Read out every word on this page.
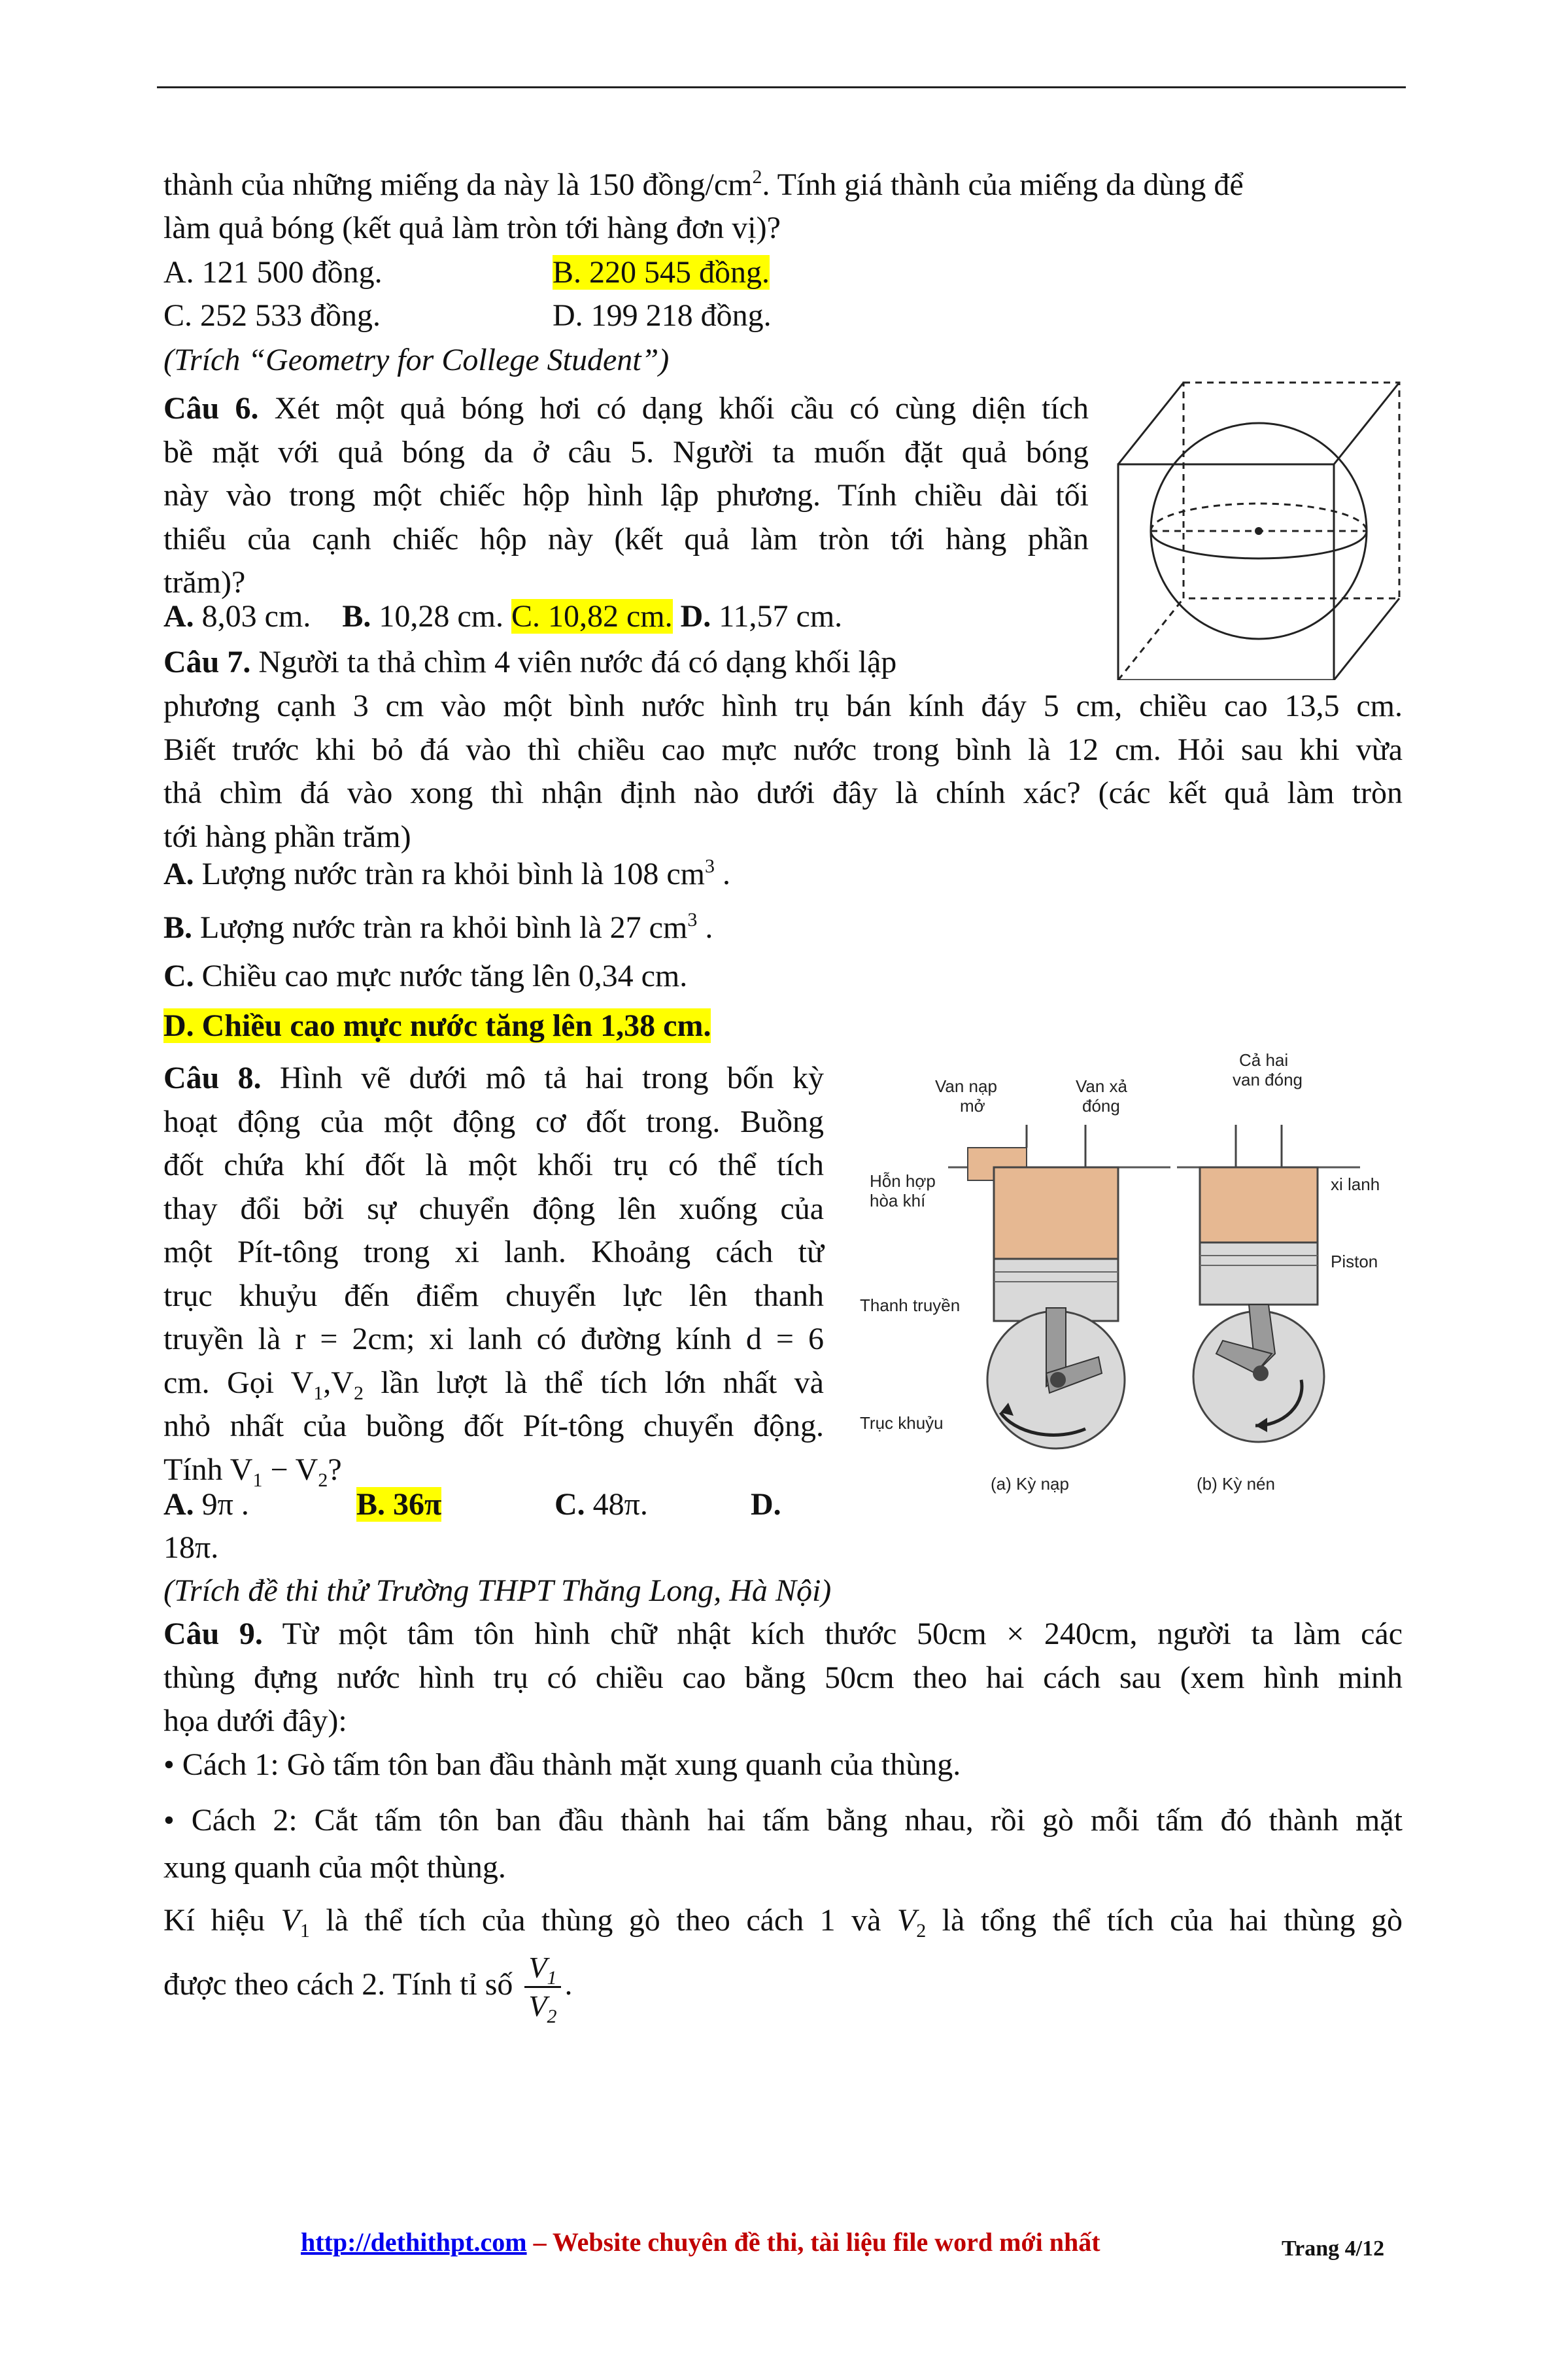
thành của những miếng da này là 150 đồng/$cm^2$. Tính giá thành của miếng da dùng để
làm quả bóng (kết quả làm tròn tới hàng đơn vị)?
A. 121 500 đồng.	B. 220 545 đồng.
C. 252 533 đồng.	D. 199 218 đồng.
(Trích “Geometry for College Student”)
Câu 6. Xét một quả bóng hơi có dạng khối cầu có cùng diện tích
bề mặt với quả bóng da ở câu 5. Người ta muốn đặt quả bóng
này vào trong một chiếc hộp hình lập phương. Tính chiều dài tối
thiểu của cạnh chiếc hộp này (kết quả làm tròn tới hàng phần
trăm)?
A. 8,03 cm. B. 10,28 cm. C. 10,82 cm. D. 11,57 cm.
Câu 7. Người ta thả chìm 4 viên nước đá có dạng khối lập
phương cạnh 3 cm vào một bình nước hình trụ bán kính đáy 5 cm, chiều cao 13,5 cm.
Biết trước khi bỏ đá vào thì chiều cao mực nước trong bình là 12 cm. Hỏi sau khi vừa
thả chìm đá vào xong thì nhận định nào dưới đây là chính xác? (các kết quả làm tròn
tới hàng phần trăm)
A. Lượng nước tràn ra khỏi bình là 108 $cm^3$ .
B. Lượng nước tràn ra khỏi bình là 27 $cm^3$ .
C. Chiều cao mực nước tăng lên 0,34 cm.
D. Chiều cao mực nước tăng lên 1,38 cm.
Câu 8. Hình vẽ dưới mô tả hai trong bốn kỳ
hoạt động của một động cơ đốt trong. Buồng
đốt chứa khí đốt là một khối trụ có thể tích
thay đổi bởi sự chuyển động lên xuống của
một Pít-tông trong xi lanh. Khoảng cách từ
trục khuỷu đến điểm chuyển lực lên thanh
truyền là r = 2cm; xi lanh có đường kính d = 6
cm. Gọi $V_1,V_2$ lần lượt là thể tích lớn nhất và
nhỏ nhất của buồng đốt Pít-tông chuyển động.
Tính $V_1 - V_2$?
A. 9π .	B. 36π	C. 48π.	D.
18π.
(Trích đề thi thử Trường THPT Thăng Long, Hà Nội)
Van nạp
mở
Van xả
đóng
Cả hai
van đóng
Hỗn hợp
hòa khí
xi lanh
Piston
Thanh truyền
Trục khuỷu
(a) Kỳ nạp	(b) Kỳ nén
Câu 9. Từ một tâm tôn hình chữ nhật kích thước 50cm × 240cm, người ta làm các
thùng đựng nước hình trụ có chiều cao bằng 50cm theo hai cách sau (xem hình minh
họa dưới đây):
• Cách 1: Gò tấm tôn ban đầu thành mặt xung quanh của thùng.
• Cách 2: Cắt tấm tôn ban đầu thành hai tấm bằng nhau, rồi gò mỗi tấm đó thành mặt
xung quanh của một thùng.
Kí hiệu $V_1$ là thể tích của thùng gò theo cách 1 và $V_2$ là tổng thể tích của hai thùng gò
được theo cách 2. Tính tỉ số $\frac{V_1}{V_2}$ .
http://dethithpt.com – Website chuyên đề thi, tài liệu file word mới nhất	Trang 4/12
